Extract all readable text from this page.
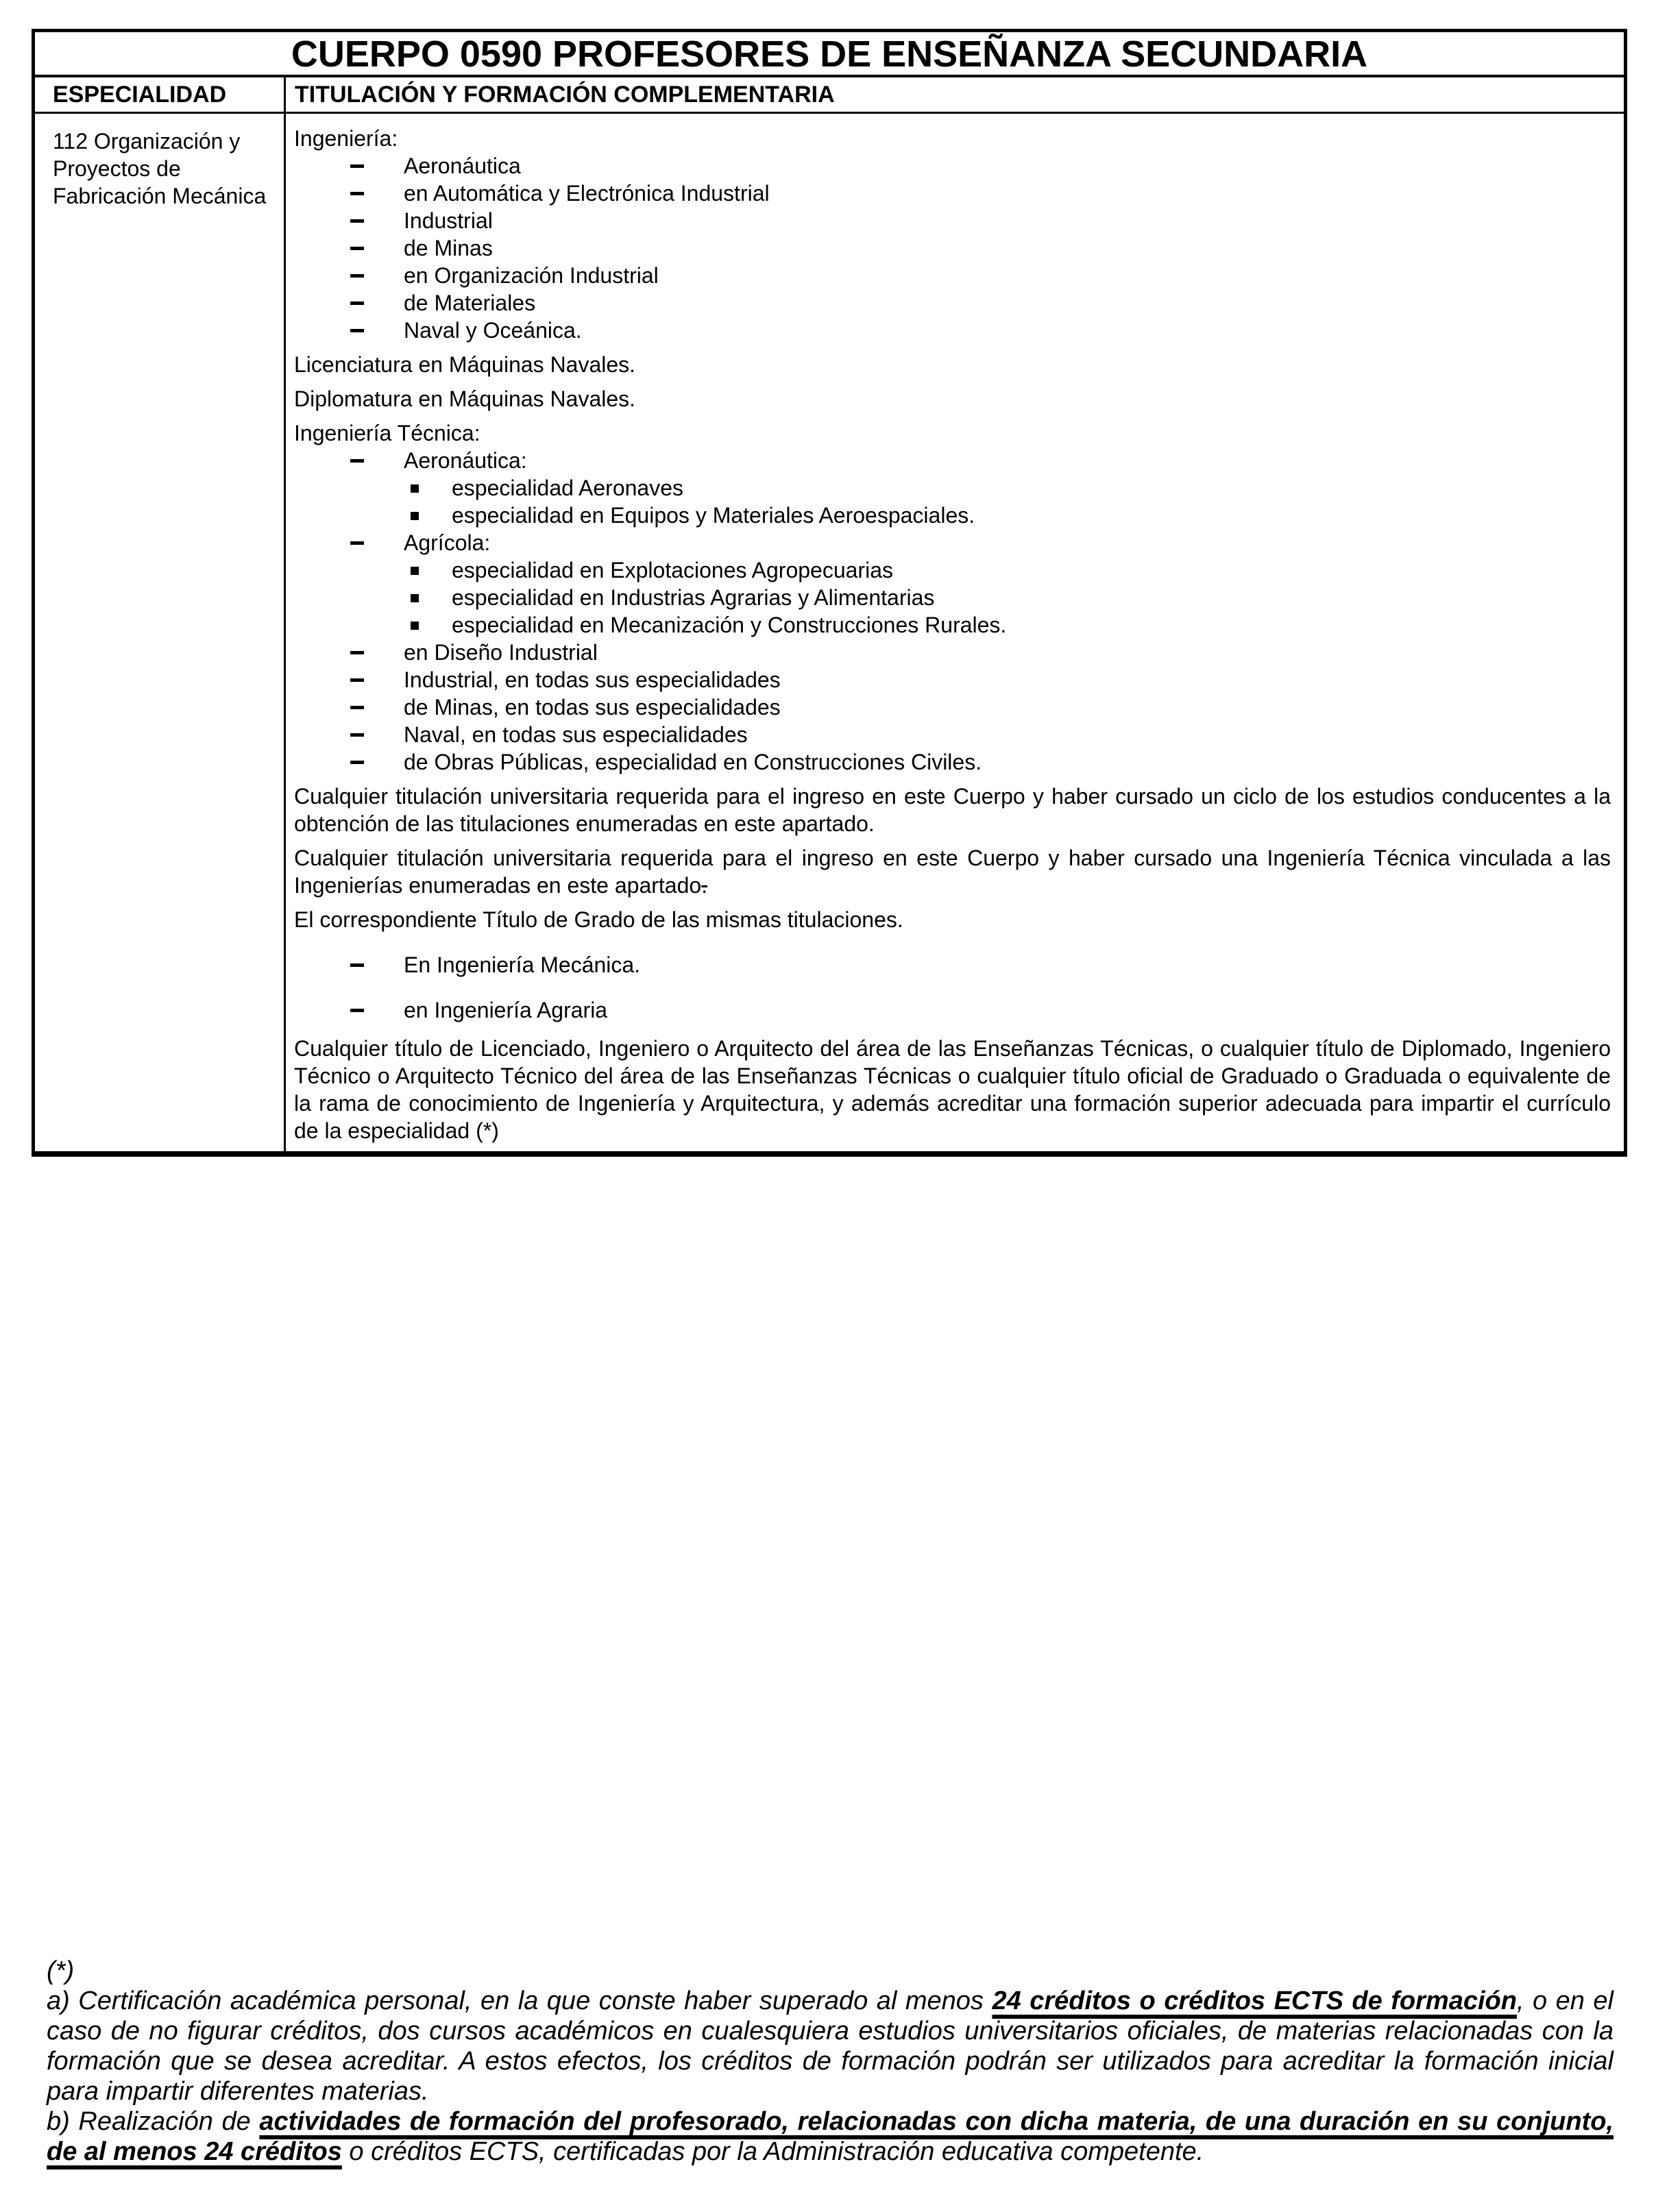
CUERPO 0590 PROFESORES DE ENSEÑANZA SECUNDARIA
ESPECIALIDAD	TITULACIÓN Y FORMACIÓN COMPLEMENTARIA
112 Organización y Proyectos de Fabricación Mecánica
Ingeniería:
Aeronáutica
en Automática y Electrónica Industrial
Industrial
de Minas
en Organización Industrial
de Materiales
Naval y Oceánica.
Licenciatura en Máquinas Navales.
Diplomatura en Máquinas Navales.
Ingeniería Técnica:
Aeronáutica:
especialidad Aeronaves
especialidad en Equipos y Materiales Aeroespaciales.
Agrícola:
especialidad en Explotaciones Agropecuarias
especialidad en Industrias Agrarias y Alimentarias
especialidad en Mecanización y Construcciones Rurales.
en Diseño Industrial
Industrial, en todas sus especialidades
de Minas, en todas sus especialidades
Naval, en todas sus especialidades
de Obras Públicas, especialidad en Construcciones Civiles.
Cualquier titulación universitaria requerida para el ingreso en este Cuerpo y haber cursado un ciclo de los estudios conducentes a la obtención de las titulaciones enumeradas en este apartado.
Cualquier titulación universitaria requerida para el ingreso en este Cuerpo y haber cursado una Ingeniería Técnica vinculada a las Ingenierías enumeradas en este apartado.
El correspondiente Título de Grado de las mismas titulaciones.
En Ingeniería Mecánica.
en Ingeniería Agraria
Cualquier título de Licenciado, Ingeniero o Arquitecto del área de las Enseñanzas Técnicas, o cualquier título de Diplomado, Ingeniero Técnico o Arquitecto Técnico del área de las Enseñanzas Técnicas o cualquier título oficial de Graduado o Graduada o equivalente de la rama de conocimiento de Ingeniería y Arquitectura, y además acreditar una formación superior adecuada para impartir el currículo de la especialidad (*)

(*)

a) Certificación académica personal, en la que conste haber superado al menos 24 créditos o créditos ECTS de formación, o en el caso de no figurar créditos, dos cursos académicos en cualesquiera estudios universitarios oficiales, de materias relacionadas con la formación que se desea acreditar. A estos efectos, los créditos de formación podrán ser utilizados para acreditar la formación inicial para impartir diferentes materias.

b) Realización de actividades de formación del profesorado, relacionadas con dicha materia, de una duración en su conjunto, de al menos 24 créditos o créditos ECTS, certificadas por la Administración educativa competente.
